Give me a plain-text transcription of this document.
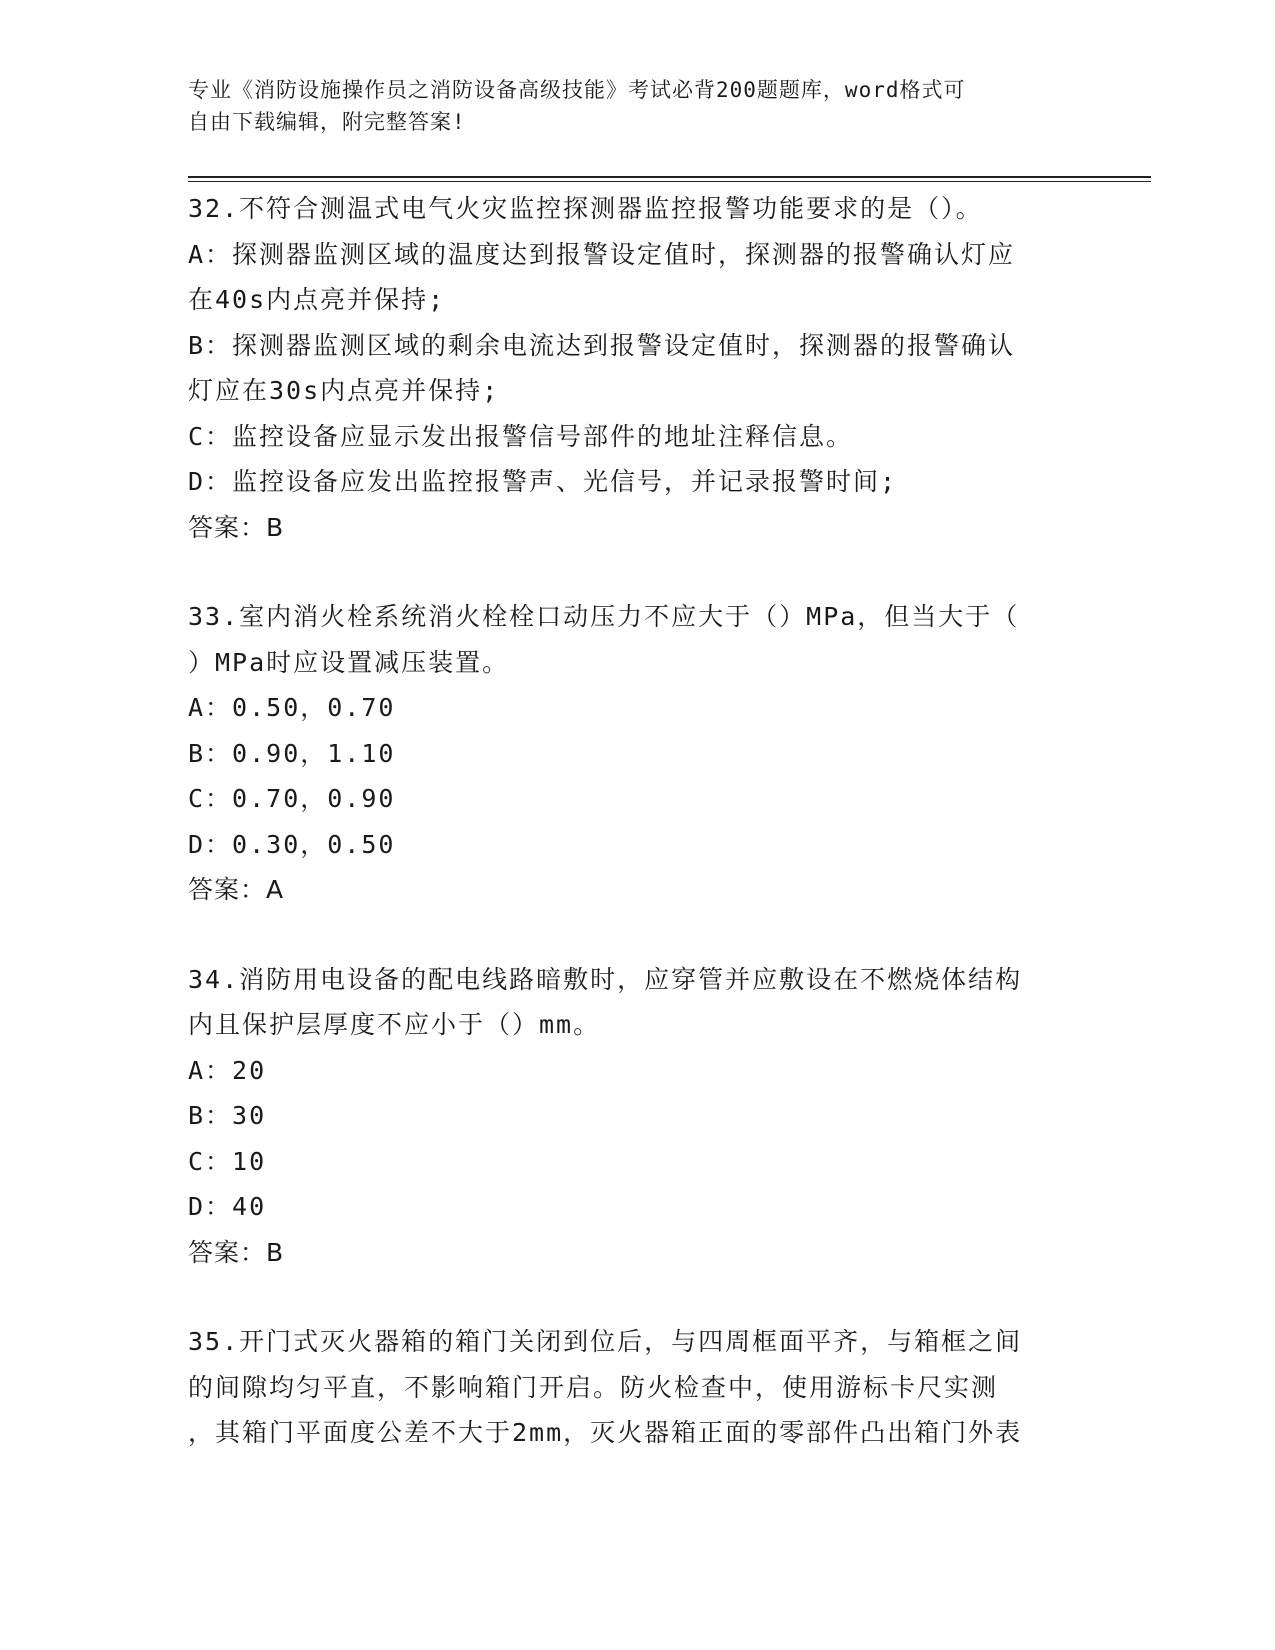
专业《消防设施操作员之消防设备高级技能》考试必背200题题库，word格式可
自由下载编辑，附完整答案!
32.不符合测温式电气火灾监控探测器监控报警功能要求的是（）。
A：探测器监测区域的温度达到报警设定值时，探测器的报警确认灯应
在40s内点亮并保持;
B：探测器监测区域的剩余电流达到报警设定值时，探测器的报警确认
灯应在30s内点亮并保持;
C：监控设备应显示发出报警信号部件的地址注释信息。
D：监控设备应发出监控报警声、光信号，并记录报警时间;
答案：B
33.室内消火栓系统消火栓栓口动压力不应大于（）MPa，但当大于（
）MPa时应设置减压装置。
A：0.50，0.70
B：0.90，1.10
C：0.70，0.90
D：0.30，0.50
答案：A
34.消防用电设备的配电线路暗敷时，应穿管并应敷设在不燃烧体结构
内且保护层厚度不应小于（）mm。
A：20
B：30
C：10
D：40
答案：B
35.开门式灭火器箱的箱门关闭到位后，与四周框面平齐，与箱框之间
的间隙均匀平直，不影响箱门开启。防火检查中，使用游标卡尺实测
，其箱门平面度公差不大于2mm，灭火器箱正面的零部件凸出箱门外表
